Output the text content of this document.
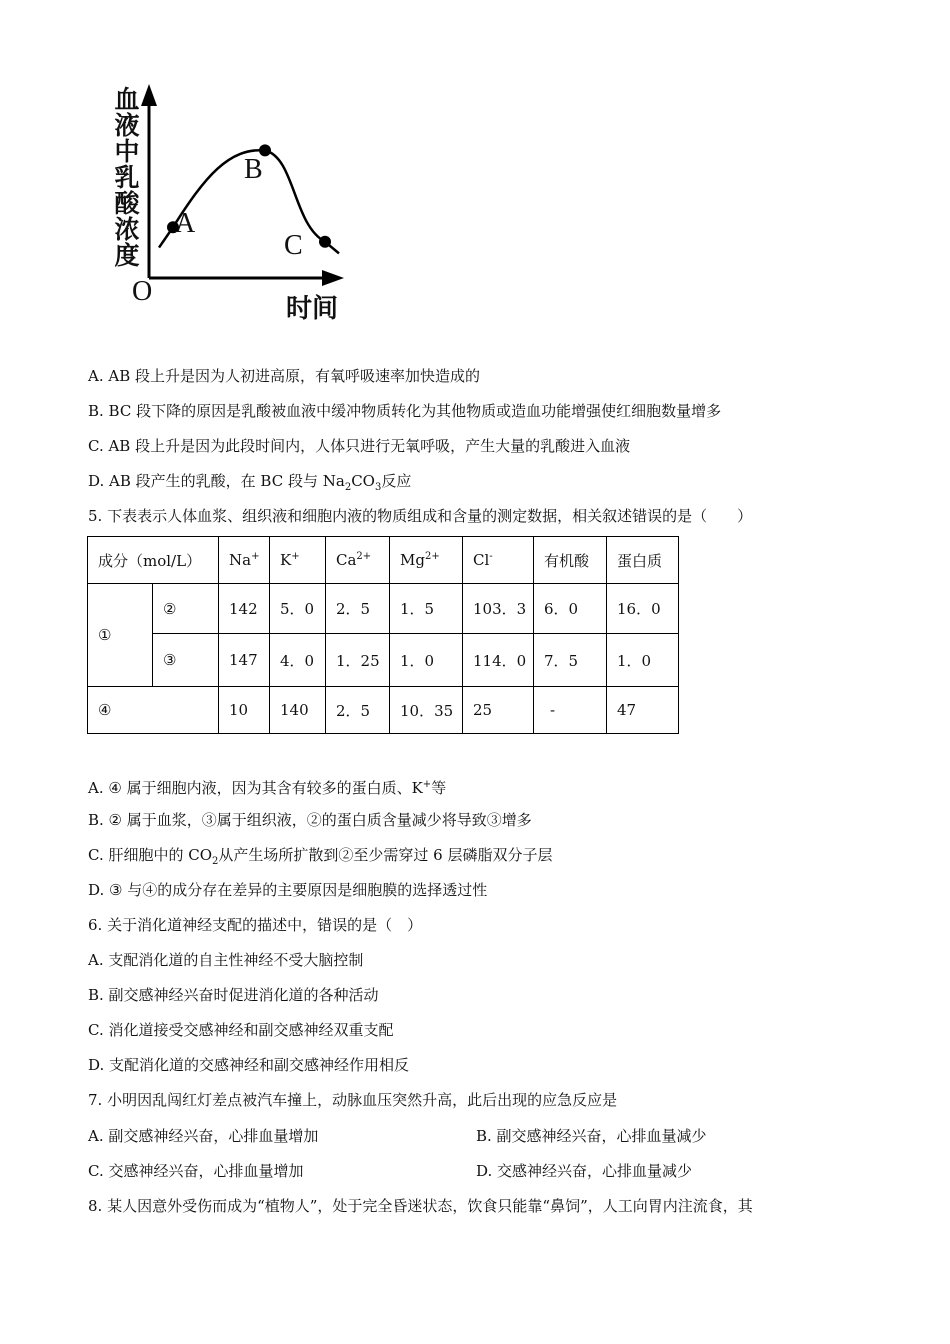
血液中乳酸浓度
O
A
B
C
时间
A. AB 段上升是因为人初进高原，有氧呼吸速率加快造成的
B. BC 段下降的原因是乳酸被血液中缓冲物质转化为其他物质或造血功能增强使红细胞数量增多
C. AB 段上升是因为此段时间内，人体只进行无氧呼吸，产生大量的乳酸进入血液
D. AB 段产生的乳酸，在 BC 段与 $Na_2CO_3$反应
5. 下表表示人体血浆、组织液和细胞内液的物质组成和含量的测定数据，相关叙述错误的是（　　）
成分（mol/L）		Na+	K+	$Ca^{2+}$	$Mg^{2+}$	Cl-	有机酸	蛋白质
①	②	142	5．0	2．5	1．5	103．3	6．0	16．0
	③	147	4．0	1．25	1．0	114．0	7．5	1．0
④		10	140	2．5	10．35	25	-	47
A. ④ 属于细胞内液，因为其含有较多的蛋白质、K+等
B. ② 属于血浆，③属于组织液，②的蛋白质含量减少将导致③增多
C. 肝细胞中的 $CO_2$从产生场所扩散到②至少需穿过 6 层磷脂双分子层
D. ③ 与④的成分存在差异的主要原因是细胞膜的选择透过性
6. 关于消化道神经支配的描述中，错误的是（　）
A. 支配消化道的自主性神经不受大脑控制
B. 副交感神经兴奋时促进消化道的各种活动
C. 消化道接受交感神经和副交感神经双重支配
D. 支配消化道的交感神经和副交感神经作用相反
7. 小明因乱闯红灯差点被汽车撞上，动脉血压突然升高，此后出现的应急反应是
A. 副交感神经兴奋，心排血量增加	B. 副交感神经兴奋，心排血量减少
C. 交感神经兴奋，心排血量增加	D. 交感神经兴奋，心排血量减少
8. 某人因意外受伤而成为“植物人”，处于完全昏迷状态，饮食只能靠“鼻饲”，人工向胃内注流食，其
